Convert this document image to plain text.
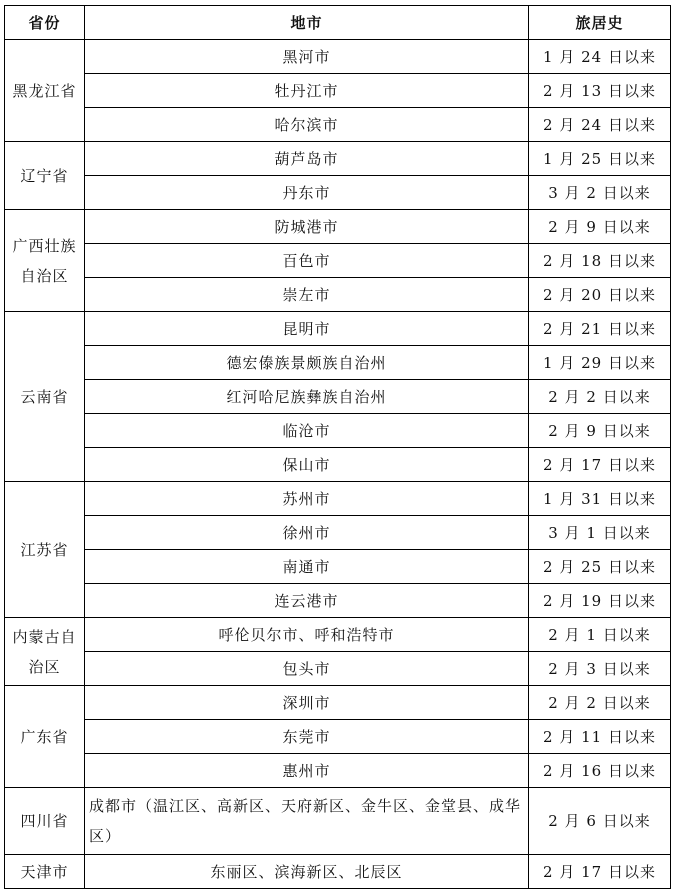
省份	地市	旅居史
黑龙江省	黑河市	1 月 24 日以来
	牡丹江市	2 月 13 日以来
	哈尔滨市	2 月 24 日以来
辽宁省	葫芦岛市	1 月 25 日以来
	丹东市	3 月 2 日以来
广西壮族自治区	防城港市	2 月 9 日以来
	百色市	2 月 18 日以来
	崇左市	2 月 20 日以来
云南省	昆明市	2 月 21 日以来
	德宏傣族景颇族自治州	1 月 29 日以来
	红河哈尼族彝族自治州	2 月 2 日以来
	临沧市	2 月 9 日以来
	保山市	2 月 17 日以来
江苏省	苏州市	1 月 31 日以来
	徐州市	3 月 1 日以来
	南通市	2 月 25 日以来
	连云港市	2 月 19 日以来
内蒙古自治区	呼伦贝尔市、呼和浩特市	2 月 1 日以来
	包头市	2 月 3 日以来
广东省	深圳市	2 月 2 日以来
	东莞市	2 月 11 日以来
	惠州市	2 月 16 日以来
四川省	成都市（温江区、高新区、天府新区、金牛区、金堂县、成华区）	2 月 6 日以来
天津市	东丽区、滨海新区、北辰区	2 月 17 日以来
